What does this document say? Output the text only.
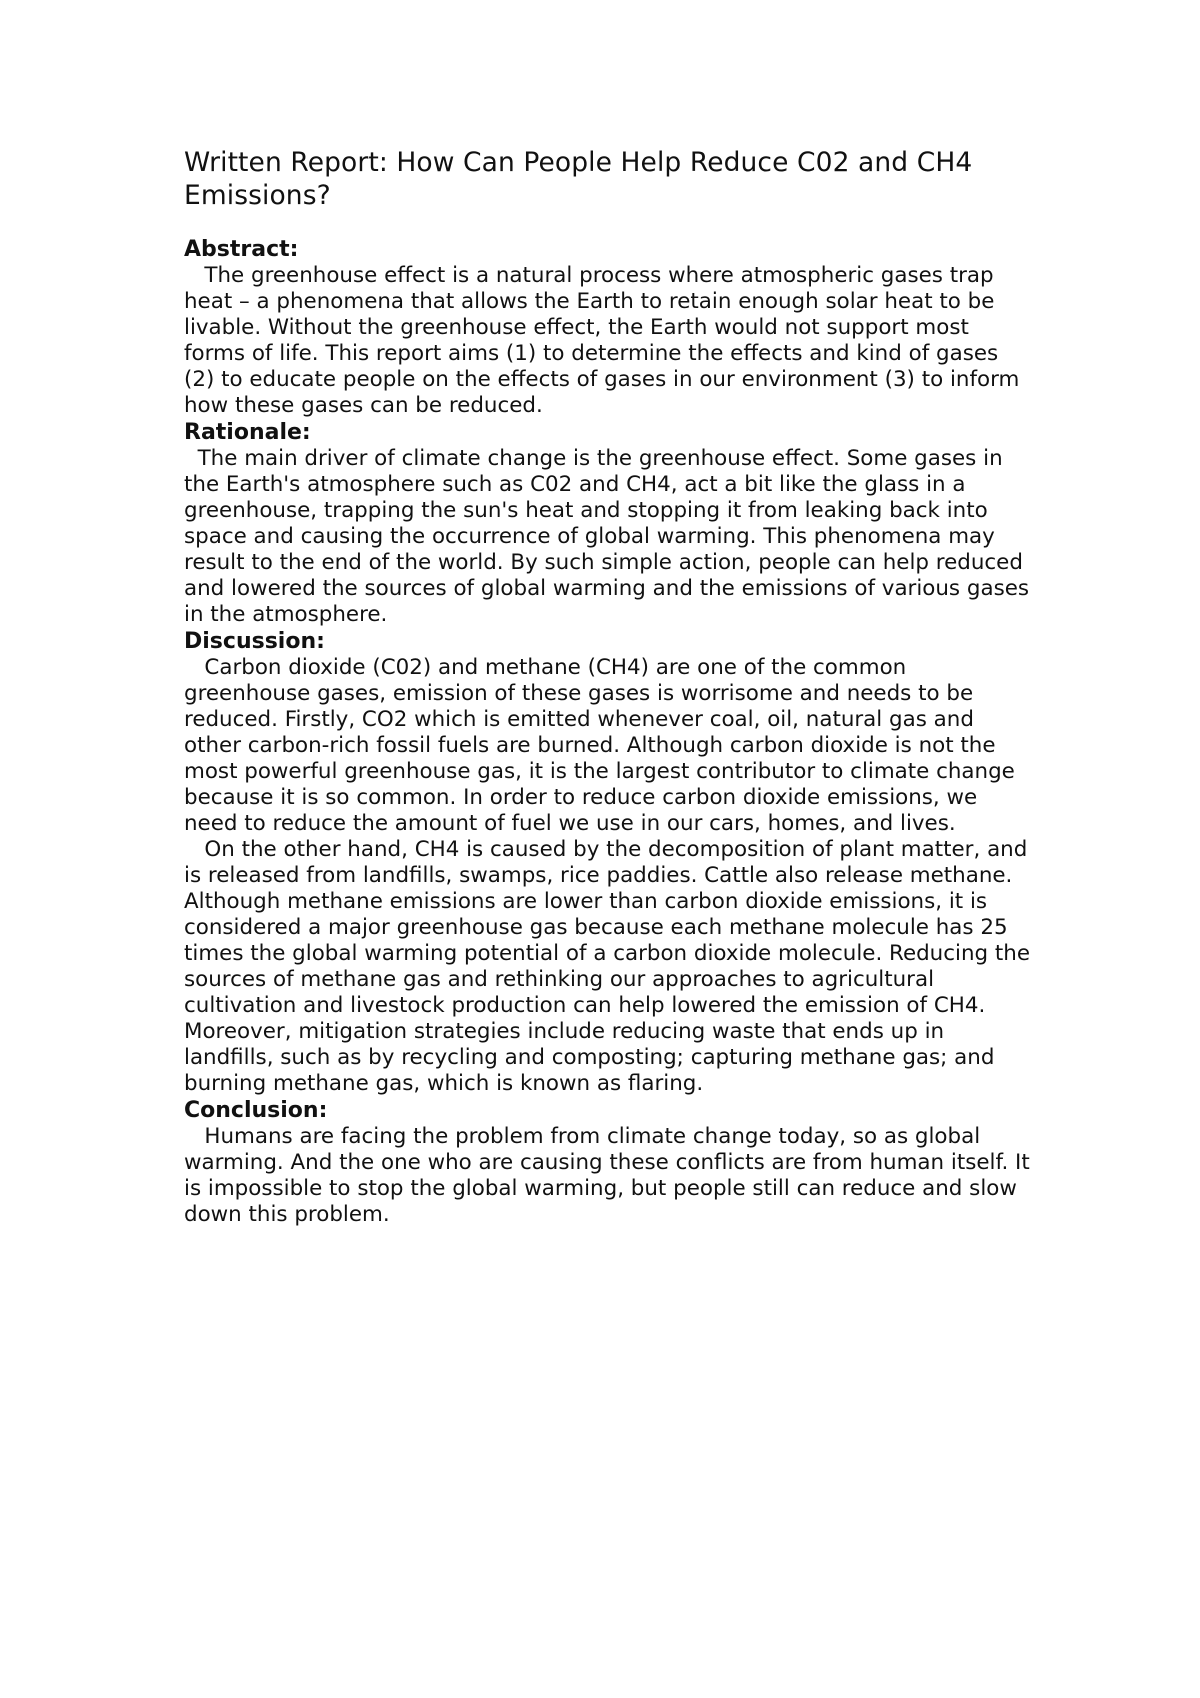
Written Report: How Can People Help Reduce C02 and CH4 Emissions?
Abstract:

The greenhouse effect is a natural process where atmospheric gases trap heat – a phenomena that allows the Earth to retain enough solar heat to be livable. Without the greenhouse effect, the Earth would not support most forms of life. This report aims (1) to determine the effects and kind of gases (2) to educate people on the effects of gases in our environment (3) to inform how these gases can be reduced.

Rationale:

The main driver of climate change is the greenhouse effect. Some gases in the Earth's atmosphere such as C02 and CH4, act a bit like the glass in a greenhouse, trapping the sun's heat and stopping it from leaking back into space and causing the occurrence of global warming. This phenomena may result to the end of the world. By such simple action, people can help reduced and lowered the sources of global warming and the emissions of various gases in the atmosphere.

Discussion:

Carbon dioxide (C02) and methane (CH4) are one of the common greenhouse gases, emission of these gases is worrisome and needs to be reduced. Firstly, CO2 which is emitted whenever coal, oil, natural gas and other carbon-rich fossil fuels are burned. Although carbon dioxide is not the most powerful greenhouse gas, it is the largest contributor to climate change because it is so common. In order to reduce carbon dioxide emissions, we need to reduce the amount of fuel we use in our cars, homes, and lives.

On the other hand, CH4 is caused by the decomposition of plant matter, and is released from landfills, swamps, rice paddies. Cattle also release methane. Although methane emissions are lower than carbon dioxide emissions, it is considered a major greenhouse gas because each methane molecule has 25 times the global warming potential of a carbon dioxide molecule. Reducing the sources of methane gas and rethinking our approaches to agricultural cultivation and livestock production can help lowered the emission of CH4. Moreover, mitigation strategies include reducing waste that ends up in landfills, such as by recycling and composting; capturing methane gas; and burning methane gas, which is known as flaring.

Conclusion:

Humans are facing the problem from climate change today, so as global warming. And the one who are causing these conflicts are from human itself. It is impossible to stop the global warming, but people still can reduce and slow down this problem.
